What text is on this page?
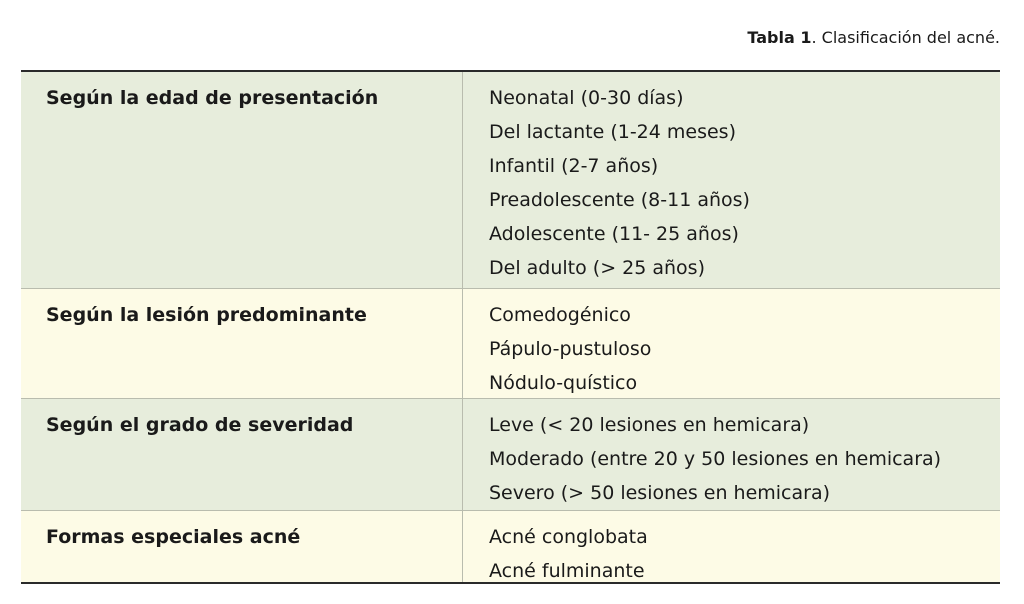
Tabla 1. Clasificación del acné.
Según la edad de presentación	Neonatal (0-30 días)
Del lactante (1-24 meses)
Infantil (2-7 años)
Preadolescente (8-11 años)
Adolescente (11- 25 años)
Del adulto (> 25 años)
Según la lesión predominante	Comedogénico
Pápulo-pustuloso
Nódulo-quístico
Según el grado de severidad	Leve (< 20 lesiones en hemicara)
Moderado (entre 20 y 50 lesiones en hemicara)
Severo (> 50 lesiones en hemicara)
Formas especiales acné	Acné conglobata
Acné fulminante
